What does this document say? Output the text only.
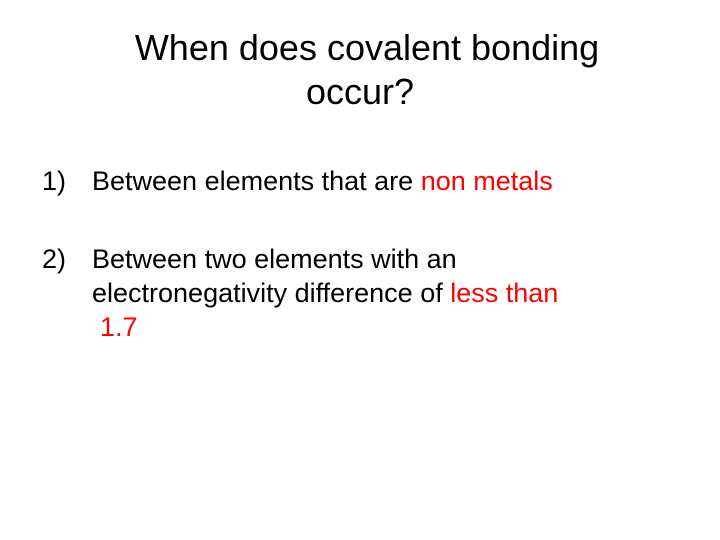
When does covalent bonding
occur?
1) Between elements that are non metals
2) Between two elements with an
electronegativity difference of less than

1.7
